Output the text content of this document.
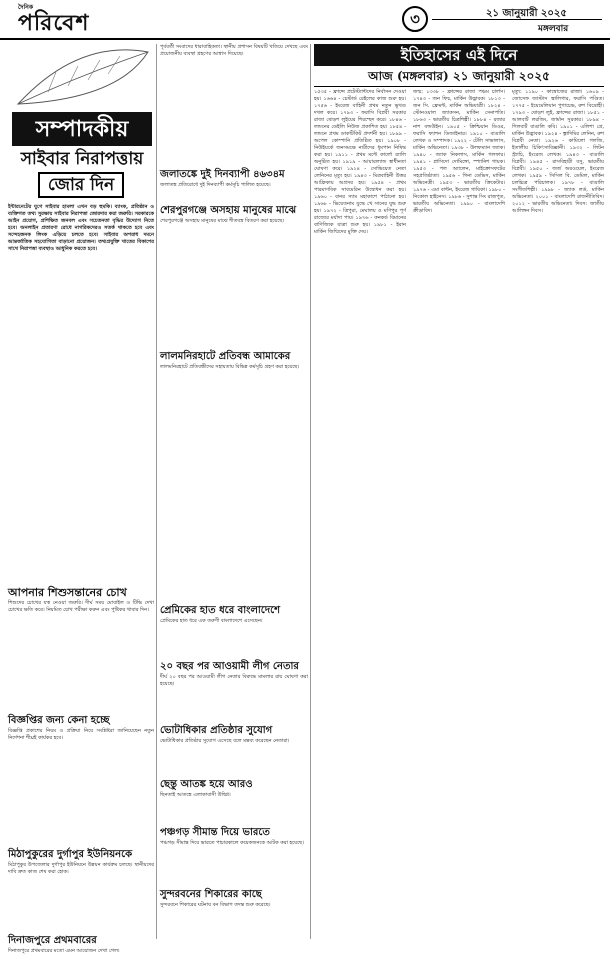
দৈনিক
পরিবেশ	৩	২১ জানুয়ারী ২০২৫
মঙ্গলবার
সম্পাদকীয়
সাইবার নিরাপত্তায়
জোর দিন
ইন্টারনেটের যুগে সাইবার হামলা এখন বড় হুমকি। ব্যাংক, প্রতিষ্ঠান ও ব্যক্তিগত তথ্য সুরক্ষায় সাইবার নিরাপত্তা জোরদার করা জরুরি। সরকারকে আইন প্রয়োগ, প্রশিক্ষিত জনবল এবং সচেতনতা বৃদ্ধির উদ্যোগ নিতে হবে। অনলাইন প্রতারণা রোধে নাগরিকদেরও সতর্ক থাকতে হবে এবং সন্দেহজনক লিংক এড়িয়ে চলতে হবে। সাইবার অপরাধ দমনে আন্তর্জাতিক সহযোগিতা বাড়ানো প্রয়োজন। তথ্যপ্রযুক্তি খাতের বিকাশের সাথে নিরাপত্তা ব্যবস্থাও আধুনিক করতে হবে।
আপনার শিশুসন্তানের চোখ
শিশুদের চোখের যত্ন নেওয়া জরুরি। দীর্ঘ সময় মোবাইল ও টিভি দেখা চোখের ক্ষতি করে। নিয়মিত চোখ পরীক্ষা করুন এবং পুষ্টিকর খাবার দিন।
বিজ্ঞপ্তির জন্য কেনা হচ্ছে
বিজ্ঞপ্তি প্রকাশের নিয়ম ও প্রক্রিয়া নিয়ে সংশ্লিষ্টরা জানিয়েছেন নতুন নির্দেশনা শীঘ্রই কার্যকর হবে।
মিঠাপুকুরের দুর্গাপুর ইউনিয়নকে
মিঠাপুকুর উপজেলার দুর্গাপুর ইউনিয়নে উন্নয়ন কার্যক্রম চলছে। স্থানীয়দের দাবি দ্রুত কাজ শেষ করা হোক।
দিনাজপুরে প্রথমবারের
দিনাজপুরে প্রথমবারের মতো এমন আয়োজন দেখা গেল।
পূর্ববর্তী সংবাদের ধারাবাহিকতা। স্থানীয় প্রশাসন বিষয়টি খতিয়ে দেখছে এবং প্রয়োজনীয় ব্যবস্থা গ্রহণের আশ্বাস দিয়েছে।
জলাতঙ্কে দুই দিনব্যাপী ৪৬৩৪ম
জলাতঙ্ক প্রতিরোধে দুই দিনব্যাপী কর্মসূচি পালিত হয়েছে।
শেরপুরগঞ্জে অসহায় মানুষের মাঝে
শেরপুরগঞ্জে অসহায় মানুষের মাঝে শীতবস্ত্র বিতরণ করা হয়েছে।
লালমনিরহাটে প্রতিবন্ধ আমাকের
লালমনিরহাটে প্রতিবন্ধীদের সহায়তায় বিভিন্ন কর্মসূচি গ্রহণ করা হয়েছে।
প্রেমিকের হাত ধরে বাংলাদেশে
প্রেমিকের হাত ধরে এক তরুণী বাংলাদেশে এসেছেন।
২০ বছর পর আওয়ামী লীগ নেতার
দীর্ঘ ২০ বছর পর আওয়ামী লীগ নেতার বিরুদ্ধে মামলার রায় ঘোষণা করা হয়েছে।
ভোটাধিকার প্রতিষ্ঠার সুযোগ
ভোটাধিকার প্রতিষ্ঠার সুযোগ এসেছে বলে মন্তব্য করেছেন নেতারা।
ছেন্তু আতঙ্ক হয়ে আরও
ছিনতাই আতঙ্কে এলাকাবাসী উদ্বিগ্ন।
পঞ্চগড় সীমান্ত দিয়ে ভারতে
পঞ্চগড় সীমান্ত দিয়ে ভারতে পাচারকালে কয়েকজনকে আটক করা হয়েছে।
সুন্দরবনের শিকারের কাছে
সুন্দরবনে শিকারের ঘটনায় বন বিভাগ তদন্ত শুরু করেছে।
ইতিহাসের এই দিনে
আজ (মঙ্গলবার) ২১ জানুয়ারী ২০২৫
১৫৩৫ - ফ্রান্সে প্রটেস্ট্যান্টদের নির্বাসন দেওয়া হয়। ১৬৬৪ - চেস্টার্ড রেইলের কাজ শুরু হয়। ১৭৫৬ - ইংরেজ বাহিনী প্রথম নতুন ভূখণ্ড দখল করে। ১৭৯৩ - ফরাসি বিপ্লবী সরকার রাজা ষোড়শ লুইয়ের শিরশ্ছেদ করে। ১৮৪৬ - লন্ডনের ডেইলি নিউজ প্রকাশিত হয়। ১৮৫৪ - লন্ডনে প্রথম ডাকটিকিট প্রদর্শনী হয়। ১৮৯৯ - অপেল কোম্পানি প্রতিষ্ঠিত হয়। ১৯০৮ - নিউইয়র্কে জনসমক্ষে নারীদের ধূমপান নিষিদ্ধ করা হয়। ১৯১১ - প্রথম মন্টে কার্লো র‌্যালি অনুষ্ঠিত হয়। ১৯১৯ - আয়ারল্যান্ড স্বাধীনতা ঘোষণা করে। ১৯২৪ - সোভিয়েত নেতা লেনিনের মৃত্যু হয়। ১৯৪৩ - মিত্রবাহিনী উত্তর আফ্রিকায় অগ্রসর হয়। ১৯৫৪ - প্রথম পারমাণবিক সাবমেরিন উদ্বোধন করা হয়। ১৯৬০ - বানর স্যাম মহাকাশে পাঠানো হয়। ১৯৬৮ - ভিয়েতনাম যুদ্ধে খে সানের যুদ্ধ শুরু হয়। ১৯৭২ - ত্রিপুরা, মেঘালয় ও মণিপুর পূর্ণ রাজ্যের মর্যাদা পায়। ১৯৭৬ - কনকর্ড বিমানের বাণিজ্যিক যাত্রা শুরু হয়। ১৯৮১ - ইরান মার্কিন জিম্মিদের মুক্তি দেয়।
জন্ম: ১৩৩৮ - ফ্রান্সের রাজা পঞ্চম চার্লস। ১৭৪৩ - জন ফিচ, মার্কিন উদ্ভাবক। ১৮১৩ - জন সি. ফ্রেমন্ট, মার্কিন অভিযাত্রী। ১৮২৪ - স্টোনওয়াল জ্যাকসন, মার্কিন সেনাপতি। ১৮৬৩ - ভারতীয় চিত্রশিল্পী। ১৮৮৪ - রজার নাশ বল্ডউইন। ১৯০৫ - ক্রিশ্চিয়ান ডিওর, ফরাসি ফ্যাশন ডিজাইনার। ১৯১০ - বাঙালি লেখক ও সম্পাদক। ১৯২২ - টেলি সাভালাস, মার্কিন অভিনেতা। ১৯৩৮ - উলফম্যান জ্যাক। ১৯৪০ - জ্যাক নিকলাস, মার্কিন গলফার। ১৯৪১ - প্লাসিদো দোমিঙ্গো, স্প্যানিশ গায়ক। ১৯৫৩ - পল অ্যালেন, মাইক্রোসফটের সহপ্রতিষ্ঠাতা। ১৯৫৬ - গিনা ডেভিস, মার্কিন অভিনেত্রী। ১৯৫৩ - ভারতীয় ক্রিকেটার। ১৯৭৬ - এমা বান্টন, ইংরেজ গায়িকা। ১৯৮০ - নিকোল হাইনেস। ১৯৮৬ - সুশান্ত সিং রাজপুত, ভারতীয় অভিনেতা। ১৯৯০ - বাংলাদেশি ক্রীড়াবিদ।
মৃত্যু: ১১৯০ - কাম্বোজের রাজা। ১৬০৯ - জোসেফ জাস্টাস স্কালিগার, ফরাসি পণ্ডিত। ১৭৭৫ - ইয়েমেলিয়ান পুগাচেভ, রুশ বিদ্রোহী। ১৭৯৩ - ষোড়শ লুই, ফ্রান্সের রাজা। ১৮৫১ - আলবার্ট লরজিং, জার্মান সুরকার। ১৮৯৪ - গিলবার্ট বাঙালি কবি। ১৯০১ - এলিশা গ্রে, মার্কিন উদ্ভাবক। ১৯২৪ - ভ্লাদিমির লেনিন, রুশ বিপ্লবী নেতা। ১৯২৬ - কামিলো গলজি, ইতালীয় চিকিৎসাবিজ্ঞানী। ১৯৩২ - লিটন স্ট্র্যাচি, ইংরেজ লেখক। ১৯৪৩ - বাঙালি বিপ্লবী। ১৯৪৫ - রাসবিহারী বসু, ভারতীয় বিপ্লবী। ১৯৫০ - জর্জ অরওয়েল, ইংরেজ লেখক। ১৯৫৯ - সিসিল বি. ডেমিল, মার্কিন চলচ্চিত্র পরিচালক। ১৯৭৮ - বাঙালি সংগীতশিল্পী। ১৯৯৮ - জ্যাক লর্ড, মার্কিন অভিনেতা। ২০০১ - বাংলাদেশি রাজনীতিবিদ। ২০১২ - ভারতীয় অভিনেতা। দিবস: জাতীয় আলিঙ্গন দিবস।
